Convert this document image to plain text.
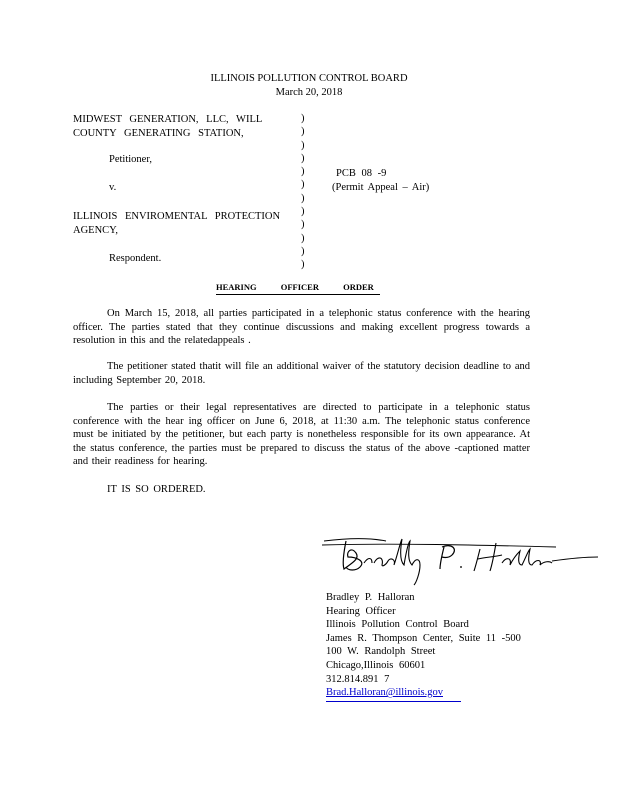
ILLINOIS POLLUTION CONTROL BOARD
March 20, 2018
MIDWEST GENERATION, LLC, WILL
COUNTY GENERATING STATION,
Petitioner,
v.
ILLINOIS ENVIROMENTAL PROTECTION
AGENCY,
Respondent.
)
)
)
)
)
)
)
)
)
)
)
)
PCB 08 -9
(Permit Appeal – Air)
HEARING OFFICER ORDER
On March 15, 2018, all parties participated in a telephonic status conference with the hearing officer. The parties stated that they continue discussions and making excellent progress towards a resolution in this and the relatedappeals .
The petitioner stated thatit will file an additional waiver of the statutory decision deadline to and including September 20, 2018.
The parties or their legal representatives are directed to participate in a telephonic status conference with the hear ing officer on June 6, 2018, at 11:30 a.m. The telephonic status conference must be initiated by the petitioner, but each party is nonetheless responsible for its own appearance. At the status conference, the parties must be prepared to discuss the status of the above -captioned matter and their readiness for hearing.
IT IS SO ORDERED.
Bradley P. Halloran
Hearing Officer
Illinois Pollution Control Board
James R. Thompson Center, Suite 11 -500
100 W. Randolph Street
Chicago,Illinois 60601
312.814.891 7
Brad.Halloran@illinois.gov
